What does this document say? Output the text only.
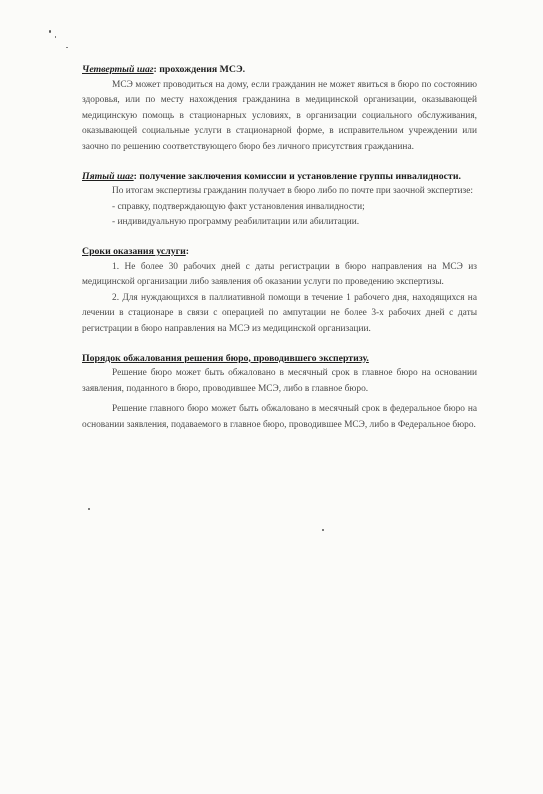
Четвертый шаг: прохождения МСЭ.

МСЭ может проводиться на дому, если гражданин не может явиться в бюро по состоянию здоровья, или по месту нахождения гражданина в медицинской организации, оказывающей медицинскую помощь в стационарных условиях, в организации социального обслуживания, оказывающей социальные услуги в стационарной форме, в исправительном учреждении или заочно по решению соответствующего бюро без личного присутствия гражданина.

Пятый шаг: получение заключения комиссии и установление группы инвалидности.

По итогам экспертизы гражданин получает в бюро либо по почте при заочной экспертизе:

- справку, подтверждающую факт установления инвалидности;

- индивидуальную программу реабилитации или абилитации.

Сроки оказания услуги:

1. Не более 30 рабочих дней с даты регистрации в бюро направления на МСЭ из медицинской организации либо заявления об оказании услуги по проведению экспертизы.

2. Для нуждающихся в паллиативной помощи в течение 1 рабочего дня, находящихся на лечении в стационаре в связи с операцией по ампутации не более 3-х рабочих дней с даты регистрации в бюро направления на МСЭ из медицинской организации.

Порядок обжалования решения бюро, проводившего экспертизу.

Решение бюро может быть обжаловано в месячный срок в главное бюро на основании заявления, поданного в бюро, проводившее МСЭ, либо в главное бюро.

Решение главного бюро может быть обжаловано в месячный срок в федеральное бюро на основании заявления, подаваемого в главное бюро, проводившее МСЭ, либо в Федеральное бюро.
